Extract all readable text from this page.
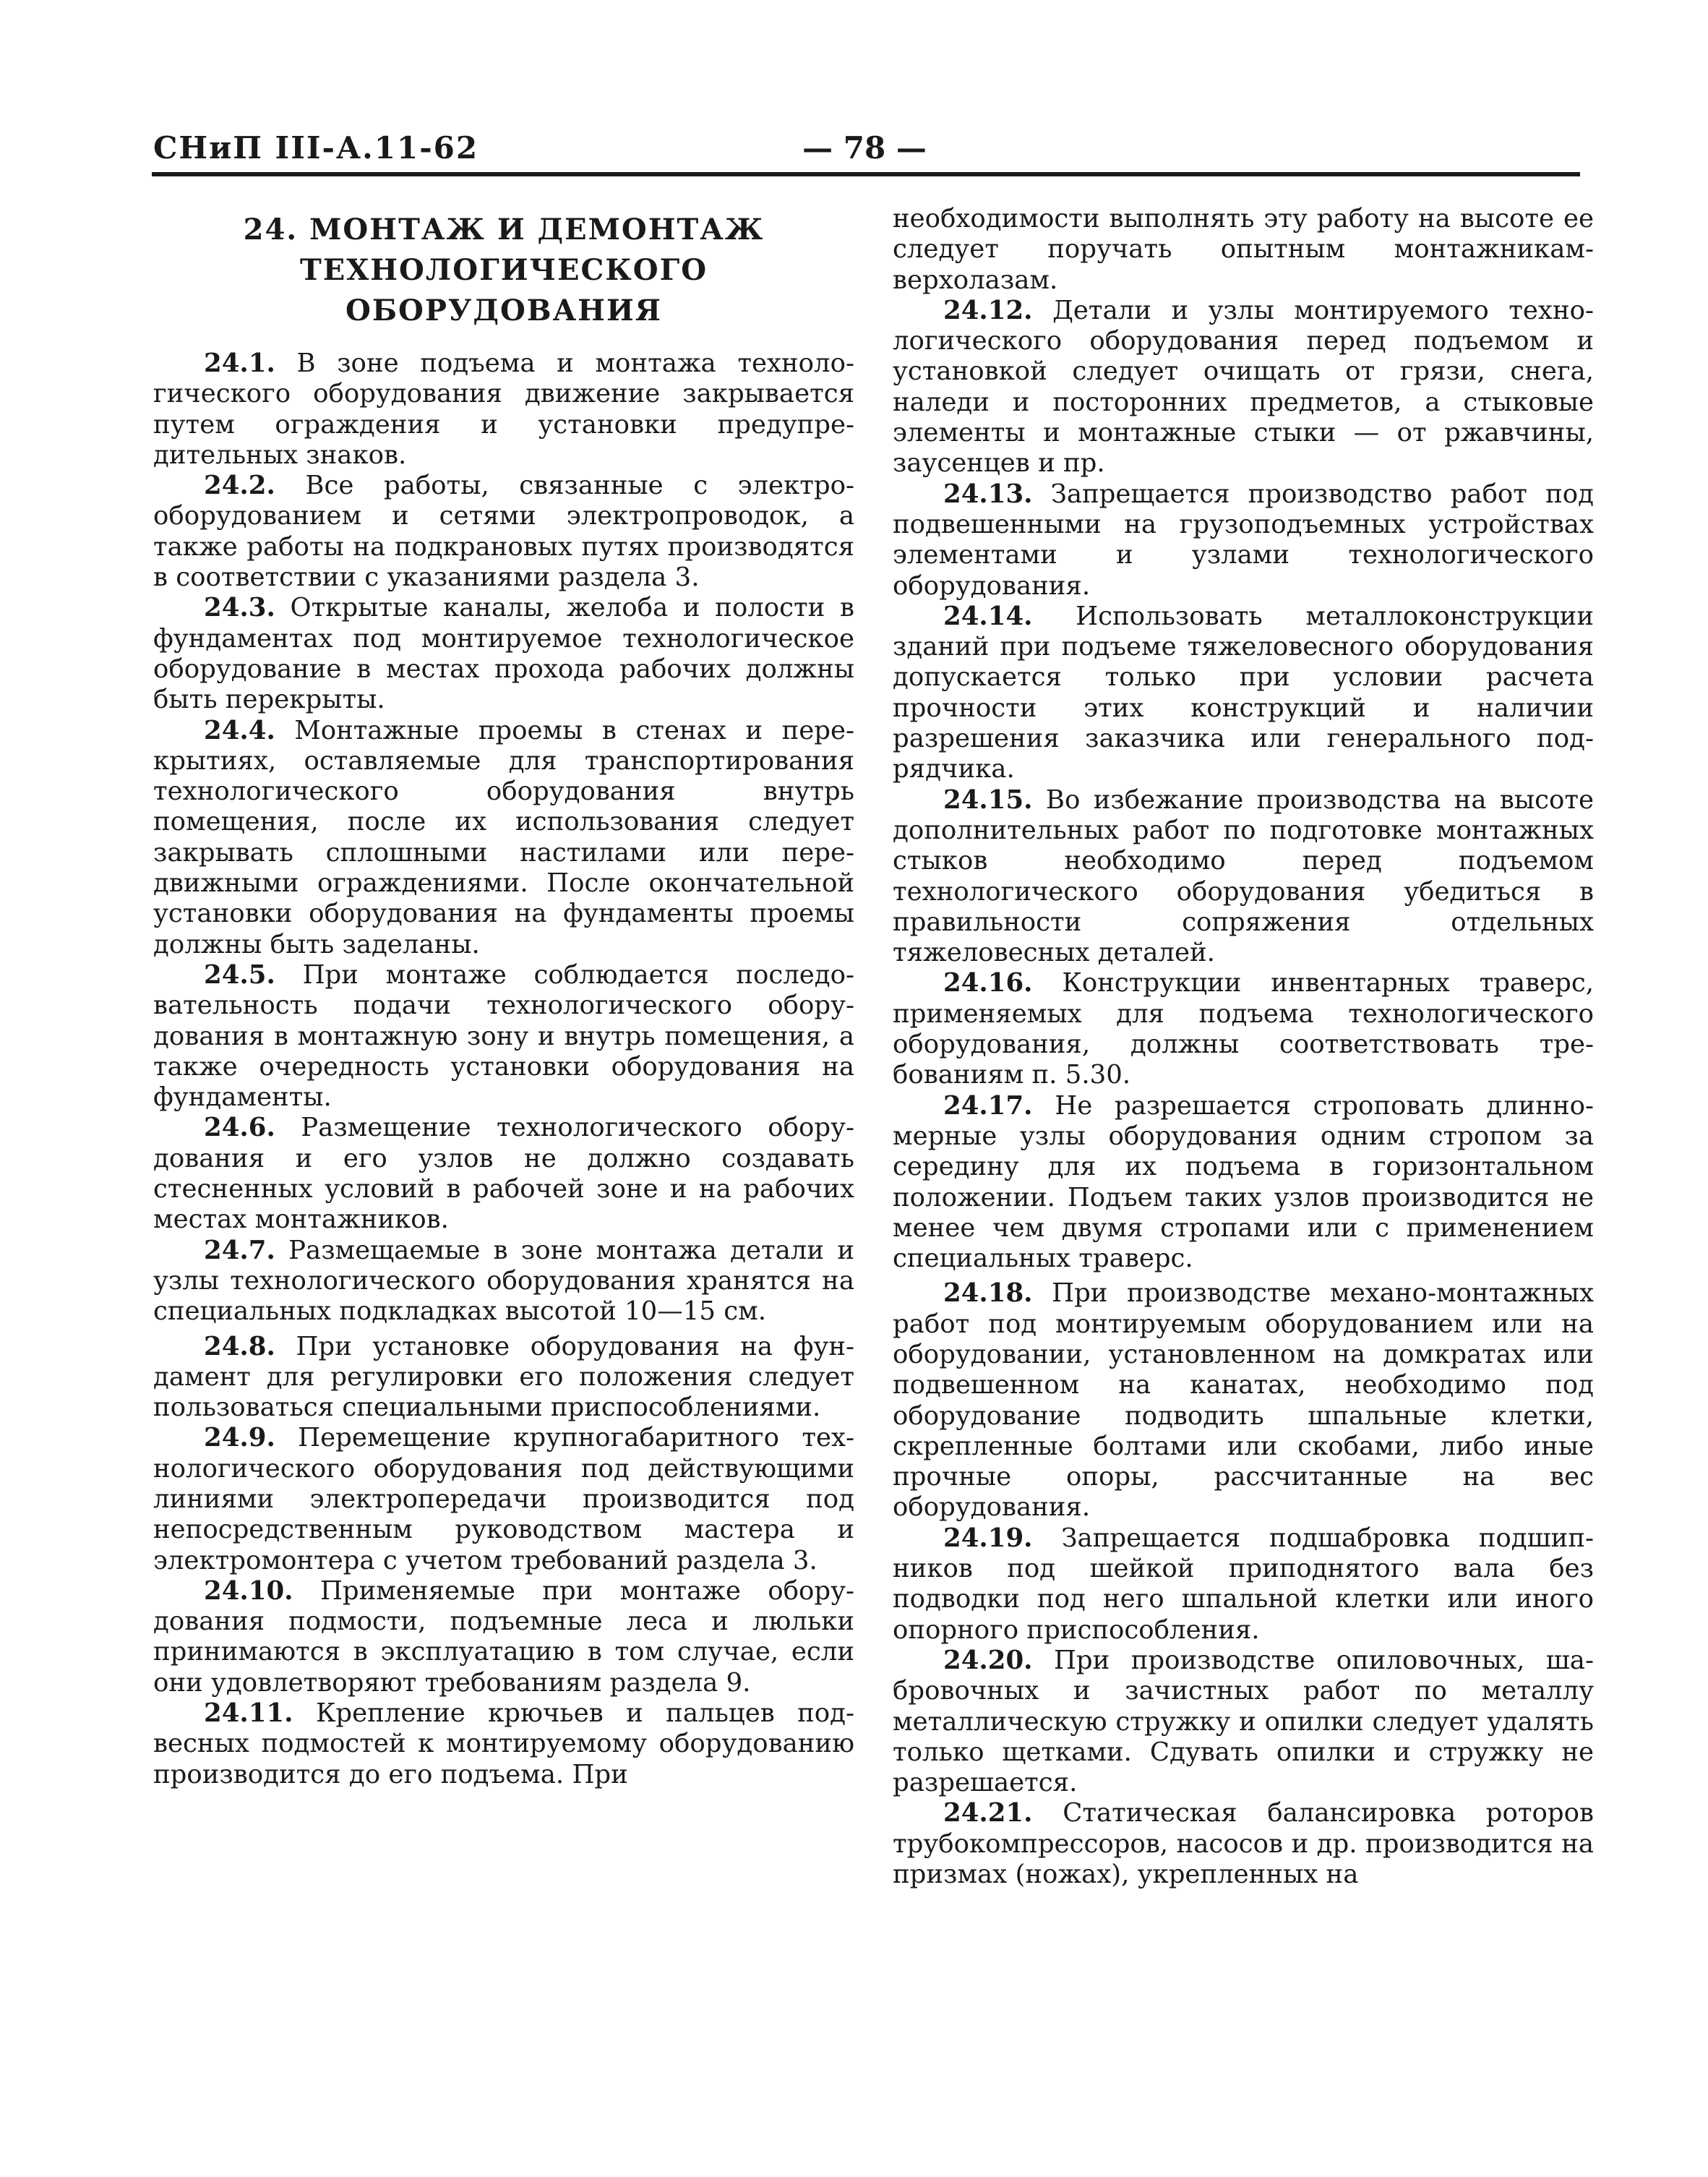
СНиП III-А.11-62	— 78 —
24. МОНТАЖ И ДЕМОНТАЖ
ТЕХНОЛОГИЧЕСКОГО ОБОРУДОВАНИЯ

24.1. В зоне подъема и монтажа технологического оборудования движение закрывается путем ограждения и установки предупредительных знаков.

24.2. Все работы, связанные с электрооборудованием и сетями электропроводок, а также работы на подкрановых путях производятся в соответствии с указаниями раздела 3.

24.3. Открытые каналы, желоба и полости в фундаментах под монтируемое технологическое оборудование в местах прохода рабочих должны быть перекрыты.

24.4. Монтажные проемы в стенах и перекрытиях, оставляемые для транспортирования технологического оборудования внутрь помещения, после их использования следует закрывать сплошными настилами или передвижными ограждениями. После окончательной установки оборудования на фундаменты проемы должны быть заделаны.

24.5. При монтаже соблюдается последовательность подачи технологического оборудования в монтажную зону и внутрь помещения, а также очередность установки оборудования на фундаменты.

24.6. Размещение технологического оборудования и его узлов не должно создавать стесненных условий в рабочей зоне и на рабочих местах монтажников.

24.7. Размещаемые в зоне монтажа детали и узлы технологического оборудования хранятся на специальных подкладках высотой 10—15 см.

24.8. При установке оборудования на фундамент для регулировки его положения следует пользоваться специальными приспособлениями.

24.9. Перемещение крупногабаритного технологического оборудования под действующими линиями электропередачи производится под непосредственным руководством мастера и электромонтера с учетом требований раздела 3.

24.10. Применяемые при монтаже оборудования подмости, подъемные леса и люльки принимаются в эксплуатацию в том случае, если они удовлетворяют требованиям раздела 9.

24.11. Крепление крючьев и пальцев подвесных подмостей к монтируемому оборудованию производится до его подъема. При

необходимости выполнять эту работу на высоте ее следует поручать опытным монтажникам-верхолазам.

24.12. Детали и узлы монтируемого технологического оборудования перед подъемом и установкой следует очищать от грязи, снега, наледи и посторонних предметов, а стыковые элементы и монтажные стыки — от ржавчины, заусенцев и пр.

24.13. Запрещается производство работ под подвешенными на грузоподъемных устройствах элементами и узлами технологического оборудования.

24.14. Использовать металлоконструкции зданий при подъеме тяжеловесного оборудования допускается только при условии расчета прочности этих конструкций и наличии разрешения заказчика или генерального подрядчика.

24.15. Во избежание производства на высоте дополнительных работ по подготовке монтажных стыков необходимо перед подъемом технологического оборудования убедиться в правильности сопряжения отдельных тяжеловесных деталей.

24.16. Конструкции инвентарных траверс, применяемых для подъема технологического оборудования, должны соответствовать требованиям п. 5.30.

24.17. Не разрешается строповать длинномерные узлы оборудования одним стропом за середину для их подъема в горизонтальном положении. Подъем таких узлов производится не менее чем двумя стропами или с применением специальных траверс.

24.18. При производстве механо-монтажных работ под монтируемым оборудованием или на оборудовании, установленном на домкратах или подвешенном на канатах, необходимо под оборудование подводить шпальные клетки, скрепленные болтами или скобами, либо иные прочные опоры, рассчитанные на вес оборудования.

24.19. Запрещается подшабровка подшипников под шейкой приподнятого вала без подводки под него шпальной клетки или иного опорного приспособления.

24.20. При производстве опиловочных, шабровочных и зачистных работ по металлу металлическую стружку и опилки следует удалять только щетками. Сдувать опилки и стружку не разрешается.

24.21. Статическая балансировка роторов трубокомпрессоров, насосов и др. производится на призмах (ножах), укрепленных на
